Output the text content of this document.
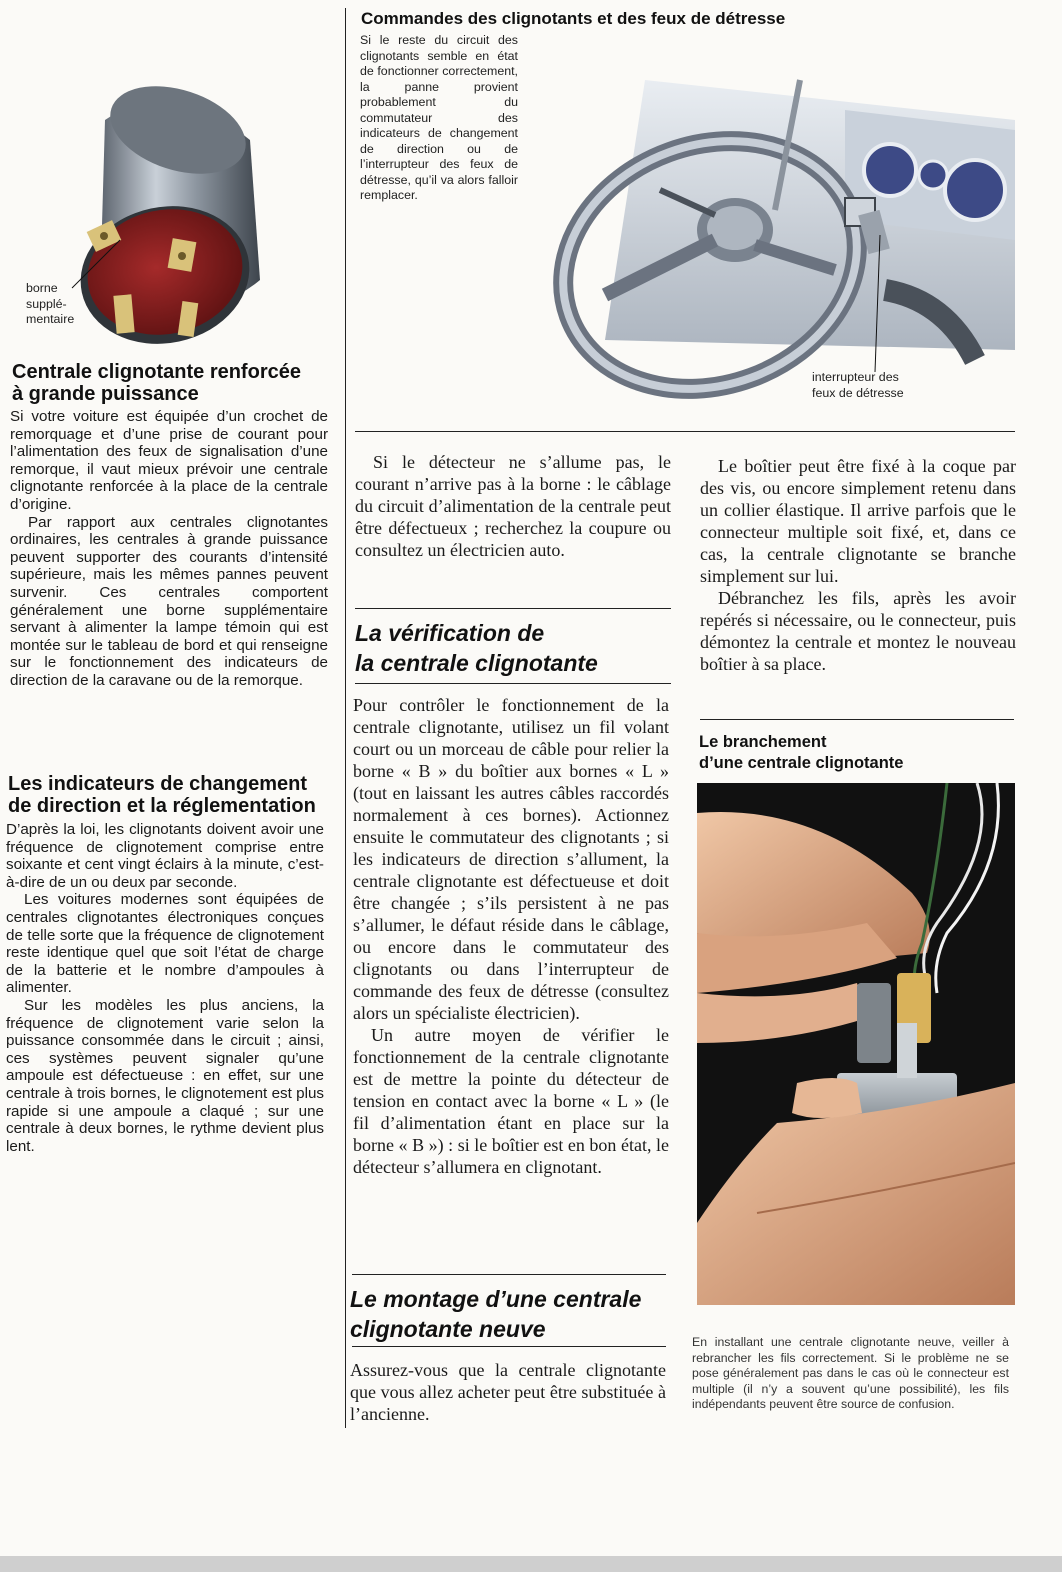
borne
supplé-
mentaire
Centrale clignotante renforcée
à grande puissance

Si votre voiture est équipée d’un crochet de remorquage et d’une prise de courant pour l’alimentation des feux de signalisation d’une remorque, il vaut mieux prévoir une centrale clignotante renforcée à la place de la centrale d’origine.

Par rapport aux centrales clignotantes ordinaires, les centrales à grande puissance peuvent supporter des courants d’intensité supérieure, mais les mêmes pannes peuvent survenir. Ces centrales comportent généralement une borne supplémentaire servant à alimenter la lampe témoin qui est montée sur le tableau de bord et qui renseigne sur le fonctionnement des indicateurs de direction de la caravane ou de la remorque.

Les indicateurs de changement
de direction et la réglementation

D’après la loi, les clignotants doivent avoir une fréquence de clignotement comprise entre soixante et cent vingt éclairs à la minute, c’est-à-dire de un ou deux par seconde.

Les voitures modernes sont équipées de centrales clignotantes électroniques conçues de telle sorte que la fréquence de clignotement reste identique quel que soit l’état de charge de la batterie et le nombre d’ampoules à alimenter.

Sur les modèles les plus anciens, la fréquence de clignotement varie selon la puissance consommée dans le circuit ; ainsi, ces systèmes peuvent signaler qu’une ampoule est défectueuse : en effet, sur une centrale à trois bornes, le clignotement est plus rapide si une ampoule a claqué ; sur une centrale à deux bornes, le rythme devient plus lent.

Commandes des clignotants et des feux de détresse

Si le reste du circuit des clignotants semble en état de fonctionner correctement, la panne provient probablement du commutateur des indicateurs de changement de direction ou de l’interrupteur des feux de détresse, qu’il va alors falloir remplacer.

interrupteur des
feux de détresse

Si le détecteur ne s’allume pas, le courant n’arrive pas à la borne : le câblage du circuit d’alimentation de la centrale peut être défectueux ; recherchez la coupure ou consultez un électricien auto.

La vérification de
la centrale clignotante

Pour contrôler le fonctionnement de la centrale clignotante, utilisez un fil volant court ou un morceau de câble pour relier la borne « B » du boîtier aux bornes « L » (tout en laissant les autres câbles raccordés normalement à ces bornes). Actionnez ensuite le commutateur des clignotants ; si les indicateurs de direction s’allument, la centrale clignotante est défectueuse et doit être changée ; s’ils persistent à ne pas s’allumer, le défaut réside dans le câblage, ou encore dans le commutateur des clignotants ou dans l’interrupteur de commande des feux de détresse (consultez alors un spécialiste électricien).

Un autre moyen de vérifier le fonctionnement de la centrale clignotante est de mettre la pointe du détecteur de tension en contact avec la borne « L » (le fil d’alimentation étant en place sur la borne « B ») : si le boîtier est en bon état, le détecteur s’allumera en clignotant.

Le montage d’une centrale
clignotante neuve

Assurez-vous que la centrale clignotante que vous allez acheter peut être substituée à l’ancienne.

Le boîtier peut être fixé à la coque par des vis, ou encore simplement retenu dans un collier élastique. Il arrive parfois que le connecteur multiple soit fixé, et, dans ce cas, la centrale clignotante se branche simplement sur lui.

Débranchez les fils, après les avoir repérés si nécessaire, ou le connecteur, puis démontez la centrale et montez le nouveau boîtier à sa place.

Le branchement
d’une centrale clignotante

En installant une centrale clignotante neuve, veiller à rebrancher les fils correctement. Si le problème ne se pose généralement pas dans le cas où le connecteur est multiple (il n’y a souvent qu’une possibilité), les fils indépendants peuvent être source de confusion.
